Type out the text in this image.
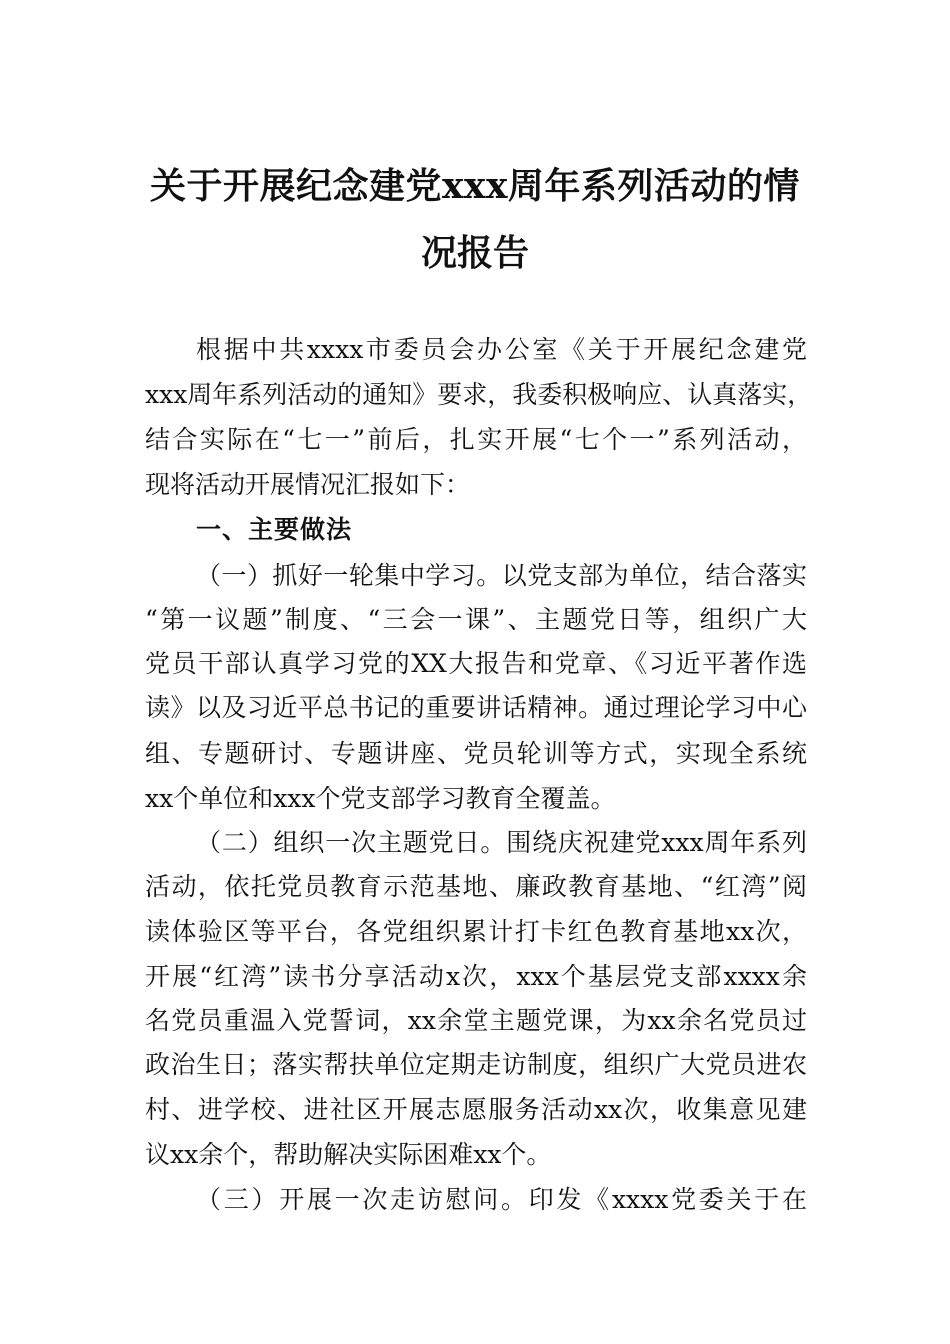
关于开展纪念建党xxx周年系列活动的情
况报告
根据中共xxxx市委员会办公室《关于开展纪念建党
xxx周年系列活动的通知》要求，我委积极响应、认真落实，
结合实际在“七一”前后，扎实开展“七个一”系列活动，
现将活动开展情况汇报如下：
一、主要做法
（一）抓好一轮集中学习。以党支部为单位，结合落实
“第一议题”制度、“三会一课”、主题党日等，组织广大
党员干部认真学习党的XX大报告和党章、《习近平著作选
读》以及习近平总书记的重要讲话精神。通过理论学习中心
组、专题研讨、专题讲座、党员轮训等方式，实现全系统
xx个单位和xxx个党支部学习教育全覆盖。
（二）组织一次主题党日。围绕庆祝建党xxx周年系列
活动，依托党员教育示范基地、廉政教育基地、“红湾”阅
读体验区等平台，各党组织累计打卡红色教育基地xx次，
开展“红湾”读书分享活动x次，xxx个基层党支部xxxx余
名党员重温入党誓词，xx余堂主题党课，为xx余名党员过
政治生日；落实帮扶单位定期走访制度，组织广大党员进农
村、进学校、进社区开展志愿服务活动xx次，收集意见建
议xx余个，帮助解决实际困难xx个。
（三）开展一次走访慰问。印发《xxxx党委关于在
